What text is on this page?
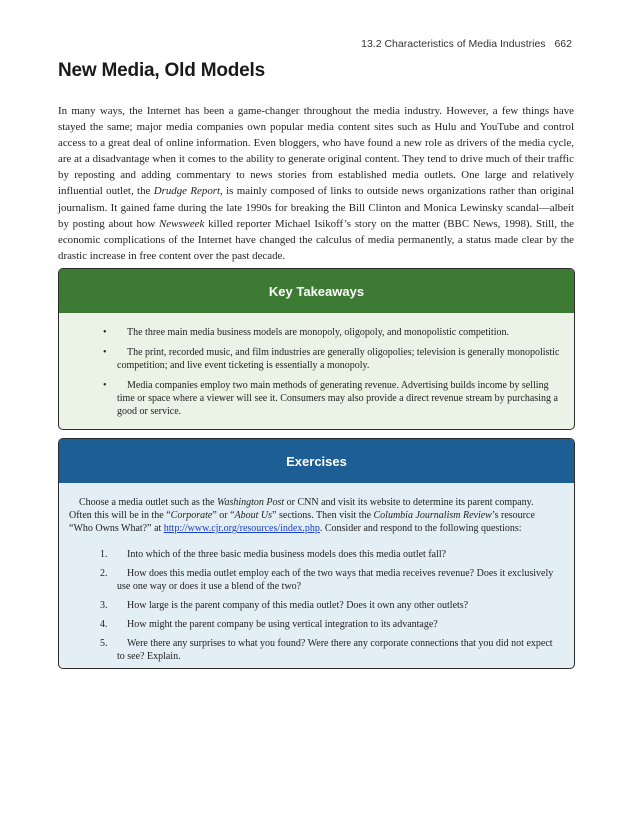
13.2 Characteristics of Media Industries 662
New Media, Old Models

In many ways, the Internet has been a game-changer throughout the media industry. However, a few things have stayed the same; major media companies own popular media content sites such as Hulu and YouTube and control access to a great deal of online information. Even bloggers, who have found a new role as drivers of the media cycle, are at a disadvantage when it comes to the ability to generate original content. They tend to drive much of their traffic by reposting and adding commentary to news stories from established media outlets. One large and relatively influential outlet, the Drudge Report, is mainly composed of links to outside news organizations rather than original journalism. It gained fame during the late 1990s for breaking the Bill Clinton and Monica Lewinsky scandal—albeit by posting about how Newsweek killed reporter Michael Isikoff’s story on the matter (BBC News, 1998). Still, the economic complications of the Internet have changed the calculus of media permanently, a status made clear by the drastic increase in free content over the past decade.

Key Takeaways
• The three main media business models are monopoly, oligopoly, and monopolistic competition.
• The print, recorded music, and film industries are generally oligopolies; television is generally monopolistic competition; and live event ticketing is essentially a monopoly.
• Media companies employ two main methods of generating revenue. Advertising builds income by selling time or space where a viewer will see it. Consumers may also provide a direct revenue stream by purchasing a good or service.
Exercises

Choose a media outlet such as the Washington Post or CNN and visit its website to determine its parent company. Often this will be in the “Corporate” or “About Us” sections. Then visit the Columbia Journalism Review’s resource “Who Owns What?” at http://www.cjr.org/resources/index.php. Consider and respond to the following questions:

1. Into which of the three basic media business models does this media outlet fall?
2. How does this media outlet employ each of the two ways that media receives revenue? Does it exclusively use one way or does it use a blend of the two?
3. How large is the parent company of this media outlet? Does it own any other outlets?
4. How might the parent company be using vertical integration to its advantage?
5. Were there any surprises to what you found? Were there any corporate connections that you did not expect to see? Explain.
